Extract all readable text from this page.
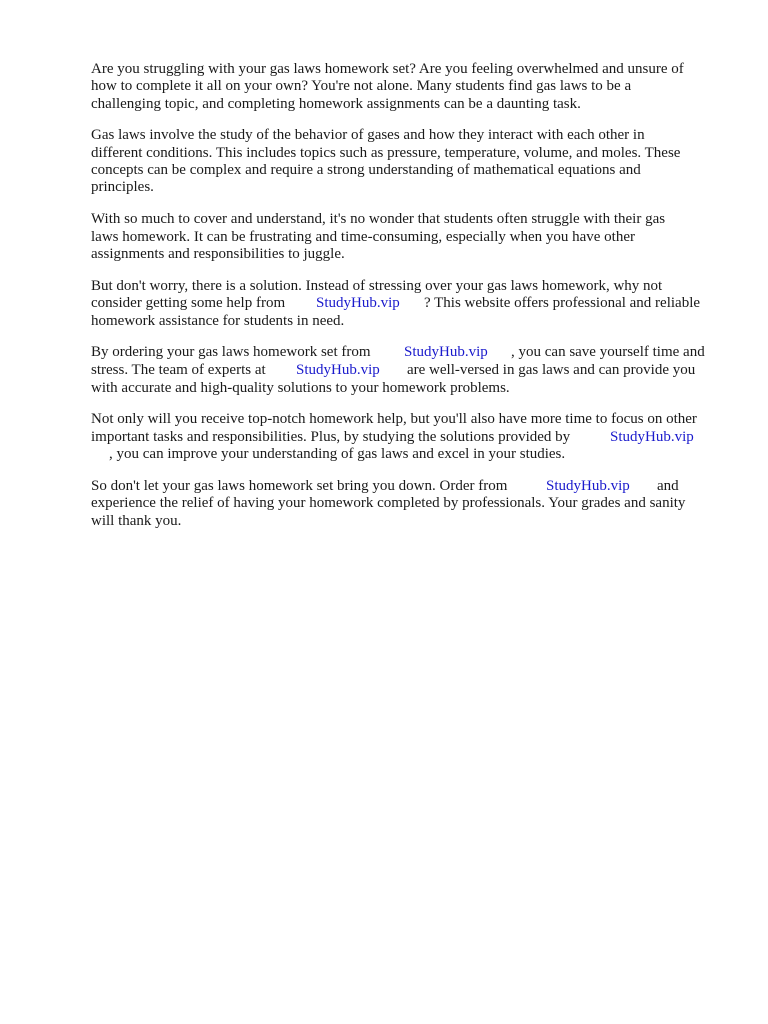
Are you struggling with your gas laws homework set? Are you feeling overwhelmed and unsure of
how to complete it all on your own? You're not alone. Many students find gas laws to be a
challenging topic, and completing homework assignments can be a daunting task.
Gas laws involve the study of the behavior of gases and how they interact with each other in
different conditions. This includes topics such as pressure, temperature, volume, and moles. These
concepts can be complex and require a strong understanding of mathematical equations and
principles.
With so much to cover and understand, it's no wonder that students often struggle with their gas
laws homework. It can be frustrating and time-consuming, especially when you have other
assignments and responsibilities to juggle.
But don't worry, there is a solution. Instead of stressing over your gas laws homework, why not

consider getting some help from

StudyHub.vip

? This website offers professional and reliable

homework assistance for students in need.

By ordering your gas laws homework set from

StudyHub.vip

, you can save yourself time and

stress. The team of experts at

StudyHub.vip

are well-versed in gas laws and can provide you

with accurate and high-quality solutions to your homework problems.
Not only will you receive top-notch homework help, but you'll also have more time to focus on other

important tasks and responsibilities. Plus, by studying the solutions provided by

	StudyHub.vip

, you can improve your understanding of gas laws and excel in your studies.

So don't let your gas laws homework set bring you down. Order from

	StudyHub.vip

and

experience the relief of having your homework completed by professionals. Your grades and sanity
will thank you.
